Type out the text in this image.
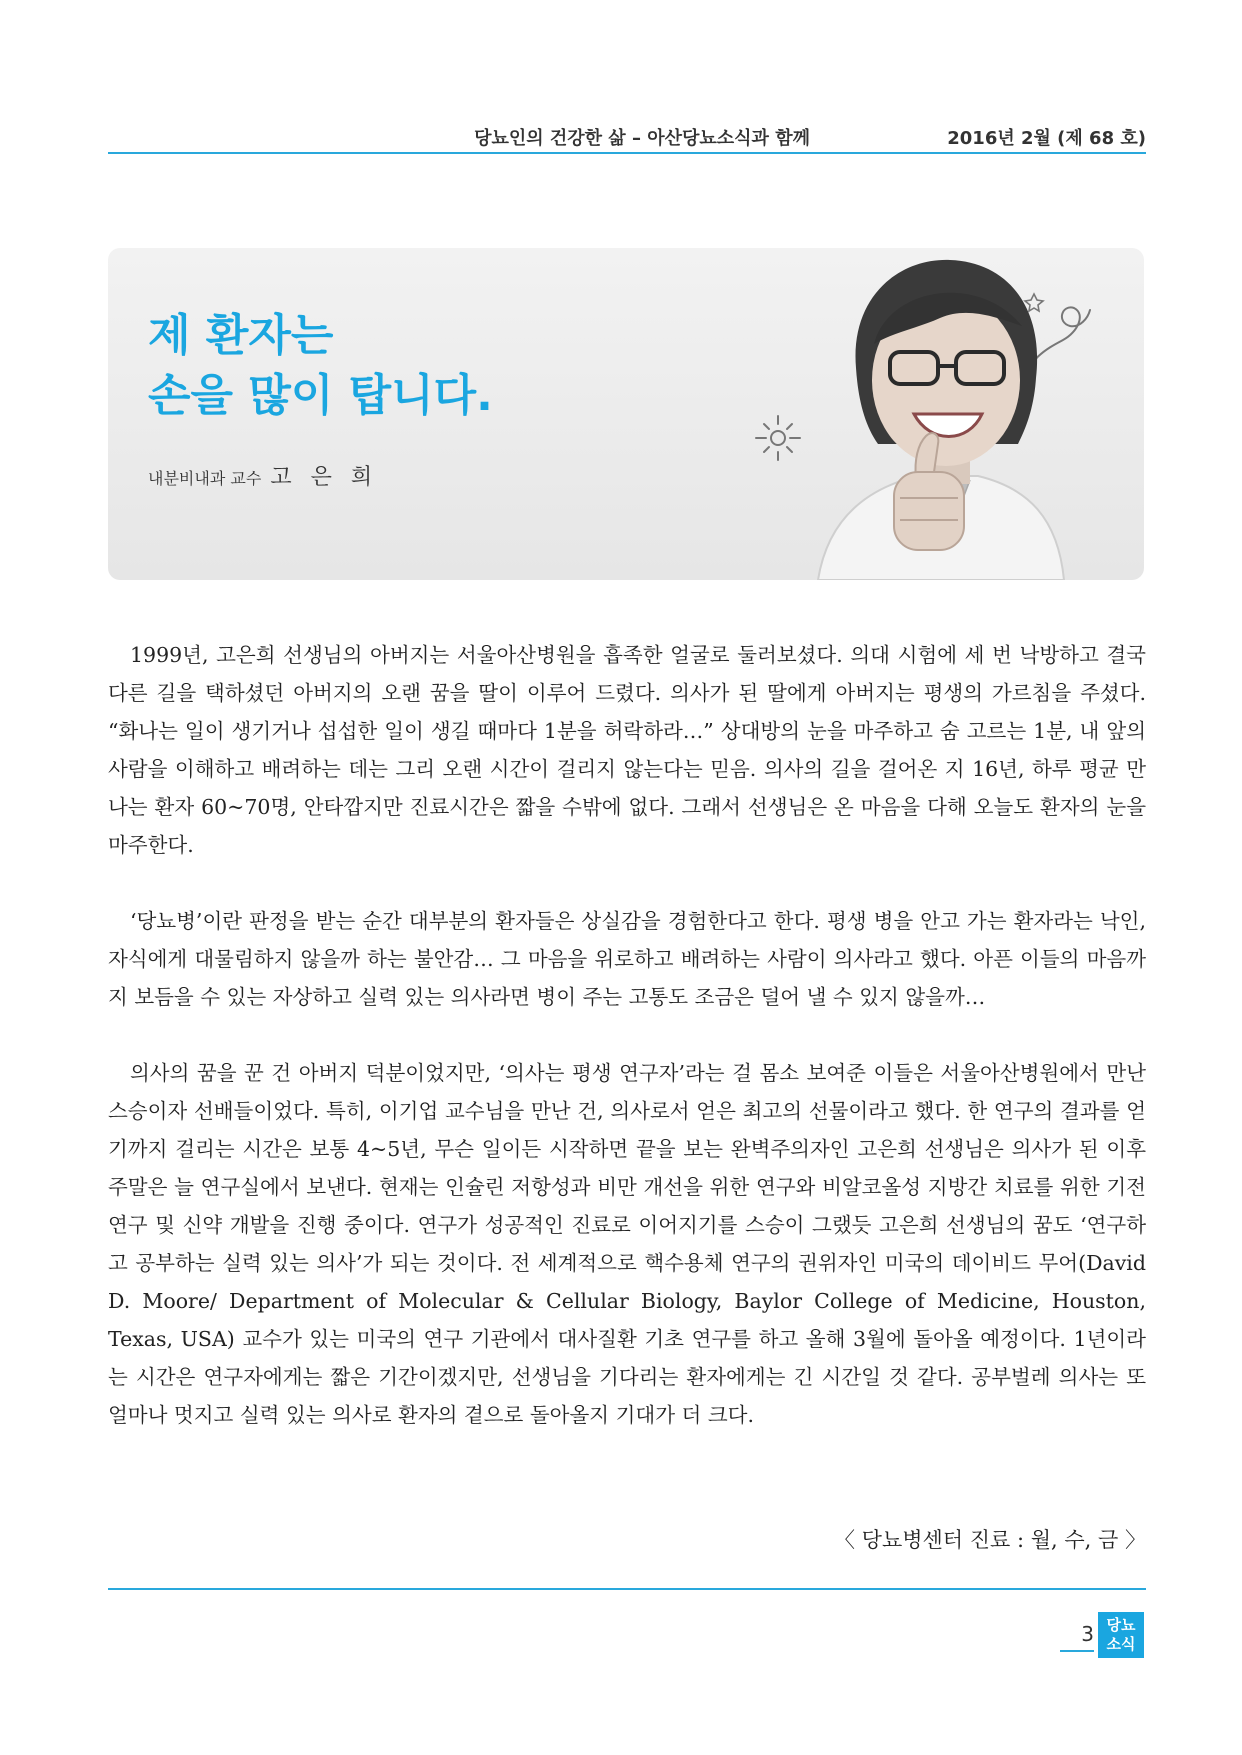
당뇨인의 건강한 삶 – 아산당뇨소식과 함께	2016년 2월 (제 68 호)
제 환자는
손을 많이 탑니다.
내분비내과 교수 고 은 희

1999년, 고은희 선생님의 아버지는 서울아산병원을 흡족한 얼굴로 둘러보셨다. 의대 시험에 세 번 낙방하고 결국 다른 길을 택하셨던 아버지의 오랜 꿈을 딸이 이루어 드렸다. 의사가 된 딸에게 아버지는 평생의 가르침을 주셨다. “화나는 일이 생기거나 섭섭한 일이 생길 때마다 1분을 허락하라…” 상대방의 눈을 마주하고 숨 고르는 1분, 내 앞의 사람을 이해하고 배려하는 데는 그리 오랜 시간이 걸리지 않는다는 믿음. 의사의 길을 걸어온 지 16년, 하루 평균 만나는 환자 60~70명, 안타깝지만 진료시간은 짧을 수밖에 없다. 그래서 선생님은 온 마음을 다해 오늘도 환자의 눈을 마주한다.

‘당뇨병’이란 판정을 받는 순간 대부분의 환자들은 상실감을 경험한다고 한다. 평생 병을 안고 가는 환자라는 낙인, 자식에게 대물림하지 않을까 하는 불안감… 그 마음을 위로하고 배려하는 사람이 의사라고 했다. 아픈 이들의 마음까지 보듬을 수 있는 자상하고 실력 있는 의사라면 병이 주는 고통도 조금은 덜어 낼 수 있지 않을까…

의사의 꿈을 꾼 건 아버지 덕분이었지만, ‘의사는 평생 연구자’라는 걸 몸소 보여준 이들은 서울아산병원에서 만난 스승이자 선배들이었다. 특히, 이기업 교수님을 만난 건, 의사로서 얻은 최고의 선물이라고 했다. 한 연구의 결과를 얻기까지 걸리는 시간은 보통 4~5년, 무슨 일이든 시작하면 끝을 보는 완벽주의자인 고은희 선생님은 의사가 된 이후 주말은 늘 연구실에서 보낸다. 현재는 인슐린 저항성과 비만 개선을 위한 연구와 비알코올성 지방간 치료를 위한 기전 연구 및 신약 개발을 진행 중이다. 연구가 성공적인 진료로 이어지기를 스승이 그랬듯 고은희 선생님의 꿈도 ‘연구하고 공부하는 실력 있는 의사’가 되는 것이다. 전 세계적으로 핵수용체 연구의 권위자인 미국의 데이비드 무어(David D. Moore/ Department of Molecular & Cellular Biology, Baylor College of Medicine, Houston, Texas, USA) 교수가 있는 미국의 연구 기관에서 대사질환 기초 연구를 하고 올해 3월에 돌아올 예정이다. 1년이라는 시간은 연구자에게는 짧은 기간이겠지만, 선생님을 기다리는 환자에게는 긴 시간일 것 같다. 공부벌레 의사는 또 얼마나 멋지고 실력 있는 의사로 환자의 곁으로 돌아올지 기대가 더 크다.

〈 당뇨병센터 진료 : 월, 수, 금 〉
3 당뇨
소식
